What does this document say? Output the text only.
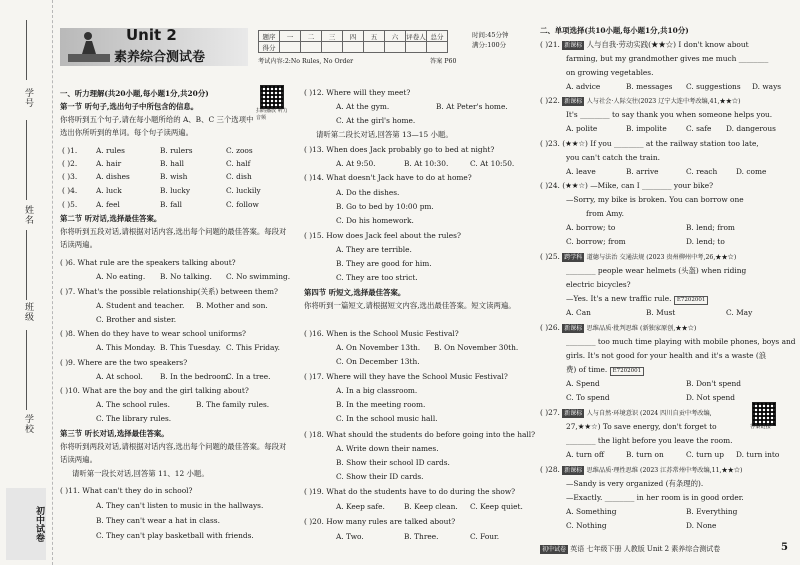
学号
姓名
班级
学校
初中试卷
Unit 2
素养综合测试卷
题序	一	二	三	四	五	六	评卷人	总分
得分								
时间:45分钟
满分:100分
考试内容:2:No Rules, No Order	答案 P60
一、听力理解(共20小题,每小题1分,共20分)
第一节 听句子,选出句子中所包含的信息。
你将听到五个句子,请在每小题所给的 A、B、C 三个选项中选出你所听到的单词。每个句子读两遍。
扫码播放 听力音频
( )1.	A. rules	B. rulers	C. zoos
( )2.	A. hair	B. hall	C. half
( )3.	A. dishes	B. wish	C. dish
( )4.	A. luck	B. lucky	C. luckily
( )5.	A. feel	B. fall	C. follow
第二节 听对话,选择最佳答案。
你将听到五段对话,请根据对话内容,选出每个问题的最佳答案。每段对话读两遍。
( )6. What rule are the speakers talking about?
A. No eating. B. No talking. C. No swimming.
( )7. What's the possible relationship(关系) between them?
A. Student and teacher. B. Mother and son.
C. Brother and sister.
( )8. When do they have to wear school uniforms?
A. This Monday. B. This Tuesday. C. This Friday.
( )9. Where are the two speakers?
A. At school. B. In the bedroom.
C. In a tree.
( )10. What are the boy and the girl talking about?
A. The school rules.	B. The family rules.
C. The library rules.
第三节 听长对话,选择最佳答案。
你将听到两段对话,请根据对话内容,选出每个问题的最佳答案。每段对话读两遍。
请听第一段长对话,回答第 11、12 小题。
( )11. What can't they do in school?
A. They can't listen to music in the hallways.
B. They can't wear a hat in class.
C. They can't play basketball with friends.
( )12. Where will they meet?
A. At the gym.	B. At Peter's home.
C. At the girl's home.
请听第二段长对话,回答第 13—15 小题。
( )13. When does Jack probably go to bed at night?
A. At 9:50.	B. At 10:30.	C. At 10:50.
( )14. What doesn't Jack have to do at home?
A. Do the dishes.
B. Go to bed by 10:00 pm.
C. Do his homework.
( )15. How does Jack feel about the rules?
A. They are terrible.
B. They are good for him.
C. They are too strict.
第四节 听短文,选择最佳答案。
你将听到一篇短文,请根据短文内容,选出最佳答案。短文读两遍。
( )16. When is the School Music Festival?
A. On November 13th. B. On November 30th.
C. On December 13th.
( )17. Where will they have the School Music Festival?
A. In a big classroom.
B. In the meeting room.
C. In the school music hall.
( )18. What should the students do before going into the hall?
A. Write down their names.
B. Show their school ID cards.
C. Show their ID cards.
( )19. What do the students have to do during the show?
A. Keep safe.	B. Keep clean. C. Keep quiet.
( )20. How many rules are talked about?
A. Two.	B. Three.	C. Four.
二、单项选择(共10小题,每小题1分,共10分)
( )21. 新课标 人与自我·劳动实践(★★☆) I don't know about
farming, but my grandmother gives me much ________
on growing vegetables.
A. advice	B. messages C. suggestions D. ways
( )22. 新课标 人与社会·人际交往(2023 辽宁大连中考改编,41,★★☆)
It's ________ to say thank you when someone helps you.
A. polite	B. impolite	C. safe D. dangerous
( )23. (★★☆) If you ________ at the railway station too late,
you can't catch the train.
A. leave	B. arrive	C. reach	D. come
( )24. (★★☆) —Mike, can I ________ your bike?
—Sorry, my bike is broken. You can borrow one
from Amy.
A. borrow; to	B. lend; from
C. borrow; from	D. lend; to
( )25. 跨学科 道德与法治 交通法规 (2023 贵州柳州中考,26,★★☆)
________ people wear helmets (头盔) when riding
electric bicycles?
—Yes. It's a new traffic rule. E7202001
A. Can	B. Must	C. May
( )26. 新课标 思维品质·批判思维 (新独家原创,★★☆)
________ too much time playing with mobile phones, boys and
girls. It's not good for your health and it's a waste (浪
费) of time. E7202001
A. Spend	B. Don't spend
C. To spend	D. Not spend
( )27. 新课标 人与自然·环境意识 (2024 四川自贡中考改编,
27,★★☆) To save energy, don't forget to
________ the light before you leave the room.
答案链接
A. turn off	B. turn on	C. turn up D. turn into
( )28. 新课标 思维品质·理性思维 (2023 江苏常州中考改编,11,★★☆)
—Sandy is very organized (有条理的).
—Exactly. ________ in her room is in good order.
A. Something	B. Everything
C. Nothing	D. None
初中试卷 英语 七年级下册 人教版 Unit 2 素养综合测试卷	5
